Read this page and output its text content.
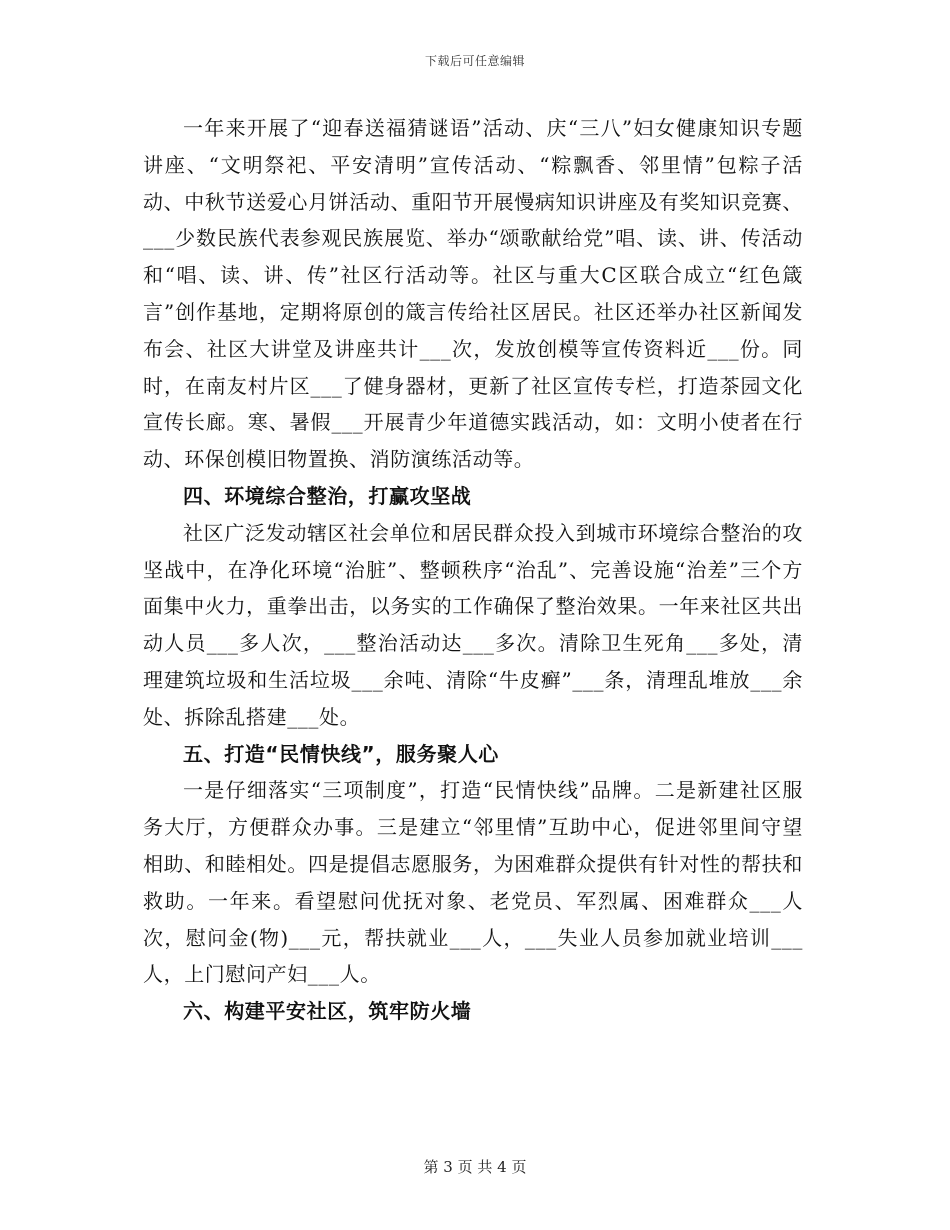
下载后可任意编辑

一年来开展了“迎春送福猜谜语”活动、庆“三八”妇女健康知识专题讲座、“文明祭祀、平安清明”宣传活动、“粽飘香、邻里情”包粽子活动、中秋节送爱心月饼活动、重阳节开展慢病知识讲座及有奖知识竞赛、___少数民族代表参观民族展览、举办“颂歌献给党”唱、读、讲、传活动和“唱、读、讲、传”社区行活动等。社区与重大C区联合成立“红色箴言”创作基地，定期将原创的箴言传给社区居民。社区还举办社区新闻发布会、社区大讲堂及讲座共计___次，发放创模等宣传资料近___份。同时，在南友村片区___了健身器材，更新了社区宣传专栏，打造茶园文化宣传长廊。寒、暑假___开展青少年道德实践活动，如：文明小使者在行动、环保创模旧物置换、消防演练活动等。

四、环境综合整治，打赢攻坚战

社区广泛发动辖区社会单位和居民群众投入到城市环境综合整治的攻坚战中，在净化环境“治脏”、整顿秩序“治乱”、完善设施“治差”三个方面集中火力，重拳出击，以务实的工作确保了整治效果。一年来社区共出动人员___多人次，___整治活动达___多次。清除卫生死角___多处，清理建筑垃圾和生活垃圾___余吨、清除“牛皮癣”___条，清理乱堆放___余处、拆除乱搭建___处。

五、打造“民情快线”，服务聚人心

一是仔细落实“三项制度”，打造“民情快线”品牌。二是新建社区服务大厅，方便群众办事。三是建立“邻里情”互助中心，促进邻里间守望相助、和睦相处。四是提倡志愿服务，为困难群众提供有针对性的帮扶和救助。一年来。看望慰问优抚对象、老党员、军烈属、困难群众___人次，慰问金(物)___元，帮扶就业___人，___失业人员参加就业培训___人，上门慰问产妇___人。

六、构建平安社区，筑牢防火墙

第 3 页 共 4 页
